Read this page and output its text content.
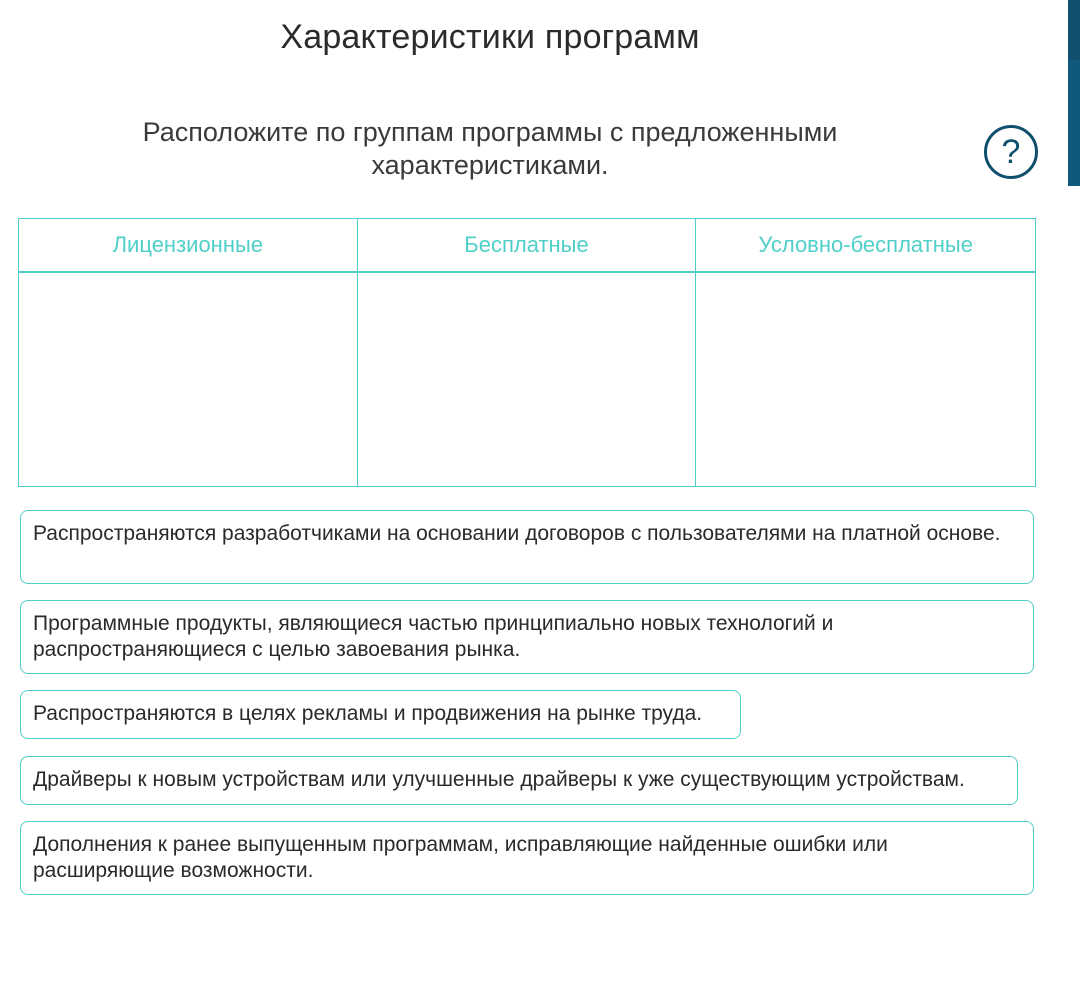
Характеристики программ
Расположите по группам программы с предложенными характеристиками.	?
Лицензионные	Бесплатные	Условно-бесплатные
Распространяются разработчиками на основании договоров с пользователями на платной основе.
Программные продукты, являющиеся частью принципиально новых технологий и распространяющиеся с целью завоевания рынка.
Распространяются в целях рекламы и продвижения на рынке труда.
Драйверы к новым устройствам или улучшенные драйверы к уже существующим устройствам.
Дополнения к ранее выпущенным программам, исправляющие найденные ошибки или расширяющие возможности.
